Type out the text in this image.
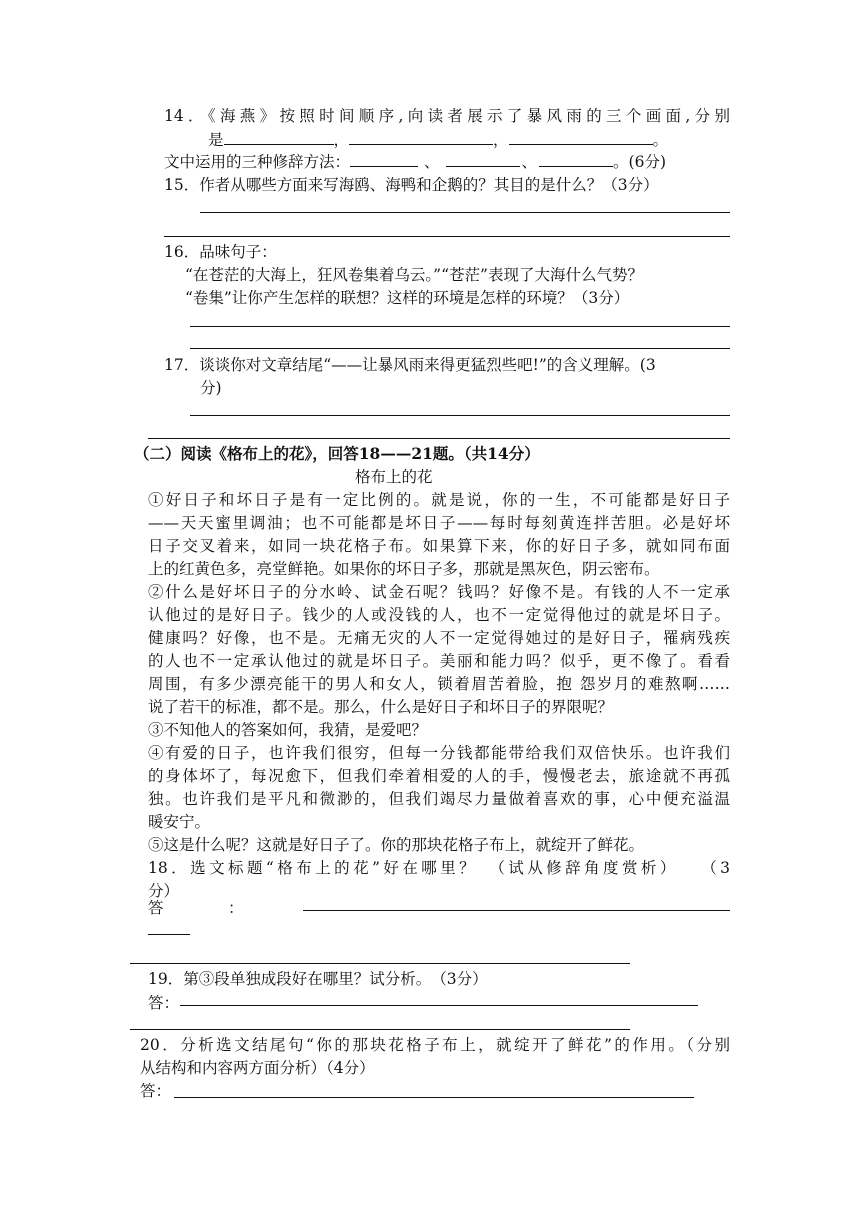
14．《海燕》按照时间顺序,向读者展示了暴风雨的三个画面,分别
是	，	，	。
文中运用的三种修辞方法：	、	、	。(6分)
15．作者从哪些方面来写海鸥、海鸭和企鹅的？其目的是什么？（3分）
16．品味句子：
“在苍茫的大海上，狂风卷集着乌云。”“苍茫”表现了大海什么气势？
“卷集”让你产生怎样的联想？这样的环境是怎样的环境？（3分）
17．谈谈你对文章结尾“——让暴风雨来得更猛烈些吧!”的含义理解。(3
分)
（二）阅读《格布上的花》，回答18——21题。（共14分）
格布上的花
①好日子和坏日子是有一定比例的。就是说，你的一生，不可能都是好日子
——天天蜜里调油；也不可能都是坏日子——每时每刻黄连拌苦胆。必是好坏
日子交叉着来，如同一块花格子布。如果算下来，你的好日子多，就如同布面
上的红黄色多，亮堂鲜艳。如果你的坏日子多，那就是黑灰色，阴云密布。
②什么是好坏日子的分水岭、试金石呢？钱吗？好像不是。有钱的人不一定承
认他过的是好日子。钱少的人或没钱的人，也不一定觉得他过的就是坏日子。
健康吗？好像，也不是。无痛无灾的人不一定觉得她过的是好日子，罹病残疾
的人也不一定承认他过的就是坏日子。美丽和能力吗？似乎，更不像了。看看
周围，有多少漂亮能干的男人和女人，锁着眉苦着脸，抱 怨岁月的难熬啊……
说了若干的标准，都不是。那么，什么是好日子和坏日子的界限呢？
③不知他人的答案如何，我猜，是爱吧？
④有爱的日子，也许我们很穷，但每一分钱都能带给我们双倍快乐。也许我们
的身体坏了，每况愈下，但我们牵着相爱的人的手，慢慢老去，旅途就不再孤
独。也许我们是平凡和微渺的，但我们竭尽力量做着喜欢的事，心中便充溢温
暖安宁。
⑤这是什么呢？这就是好日子了。你的那块花格子布上，就绽开了鲜花。
18．选文标题“格布上的花”好在哪里？　（试从修辞角度赏析）　　（3
分）
答	：
19．第③段单独成段好在哪里？试分析。　（3分）
答：
20．分析选文结尾句“你的那块花格子布上，就绽开了鲜花”的作用。（分别
从结构和内容两方面分析）（4分）
答：
